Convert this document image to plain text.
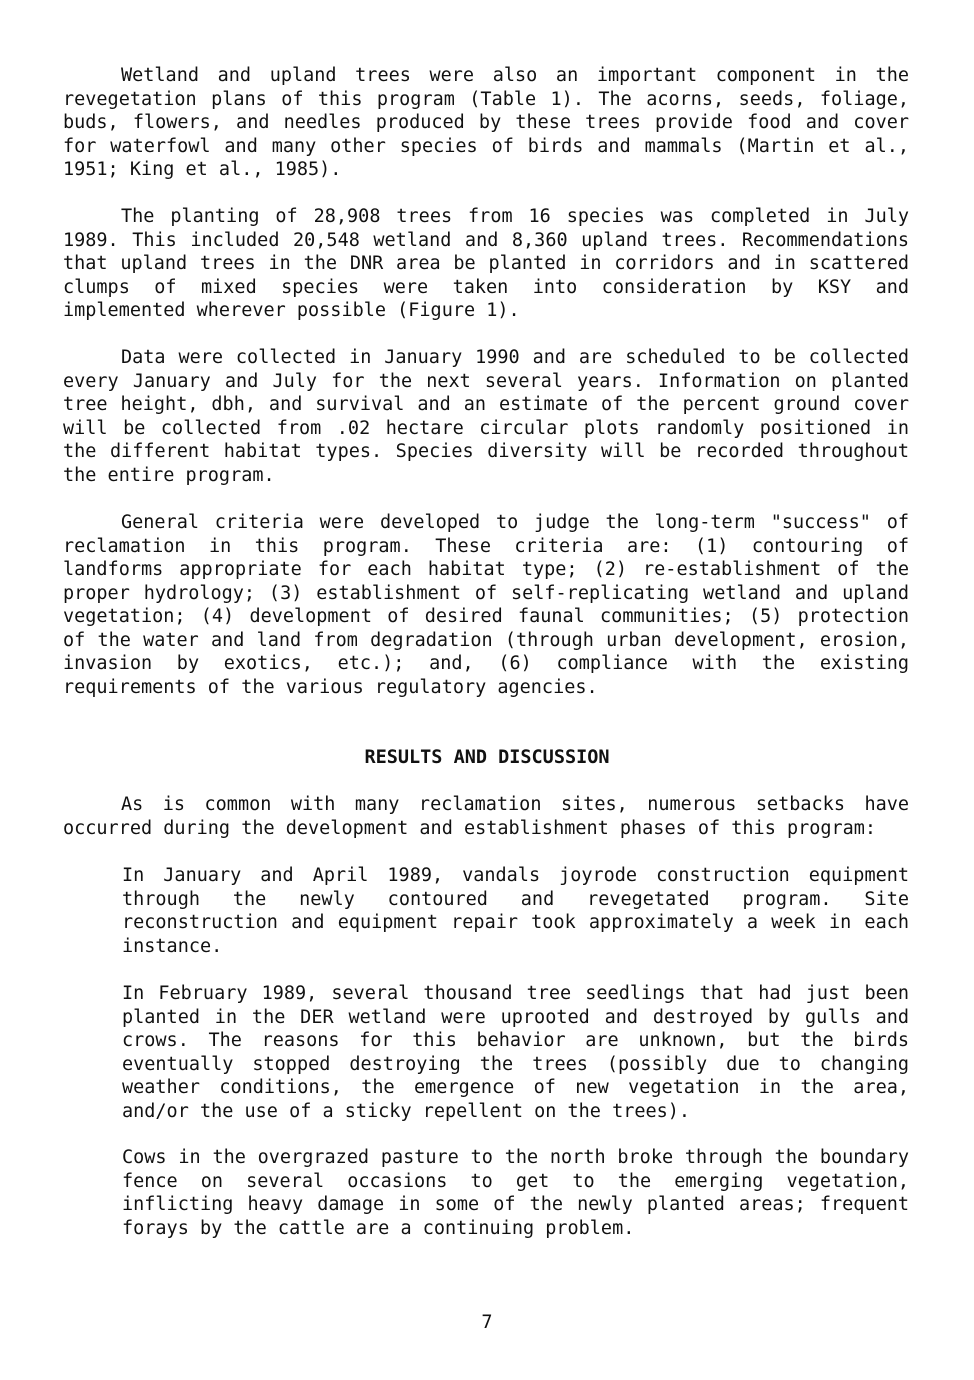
Wetland and upland trees were also an important component in the revegetation plans of this program (Table 1). The acorns, seeds, foliage, buds, flowers, and needles produced by these trees provide food and cover for waterfowl and many other species of birds and mammals (Martin et al., 1951; King et al., 1985).

The planting of 28,908 trees from 16 species was completed in July 1989. This included 20,548 wetland and 8,360 upland trees. Recommendations that upland trees in the DNR area be planted in corridors and in scattered clumps of mixed species were taken into consideration by KSY and implemented wherever possible (Figure 1).

Data were collected in January 1990 and are scheduled to be collected every January and July for the next several years. Information on planted tree height, dbh, and survival and an estimate of the percent ground cover will be collected from .02 hectare circular plots randomly positioned in the different habitat types. Species diversity will be recorded throughout the entire program.

General criteria were developed to judge the long-term "success" of reclamation in this program. These criteria are: (1) contouring of landforms appropriate for each habitat type; (2) re-establishment of the proper hydrology; (3) establishment of self-replicating wetland and upland vegetation; (4) development of desired faunal communities; (5) protection of the water and land from degradation (through urban development, erosion, invasion by exotics, etc.); and, (6) compliance with the existing requirements of the various regulatory agencies.

RESULTS AND DISCUSSION

As is common with many reclamation sites, numerous setbacks have occurred during the development and establishment phases of this program:

In January and April 1989, vandals joyrode construction equipment through the newly contoured and revegetated program. Site reconstruction and equipment repair took approximately a week in each instance.

In February 1989, several thousand tree seedlings that had just been planted in the DER wetland were uprooted and destroyed by gulls and crows. The reasons for this behavior are unknown, but the birds eventually stopped destroying the trees (possibly due to changing weather conditions, the emergence of new vegetation in the area, and/or the use of a sticky repellent on the trees).

Cows in the overgrazed pasture to the north broke through the boundary fence on several occasions to get to the emerging vegetation, inflicting heavy damage in some of the newly planted areas; frequent forays by the cattle are a continuing problem.

7
